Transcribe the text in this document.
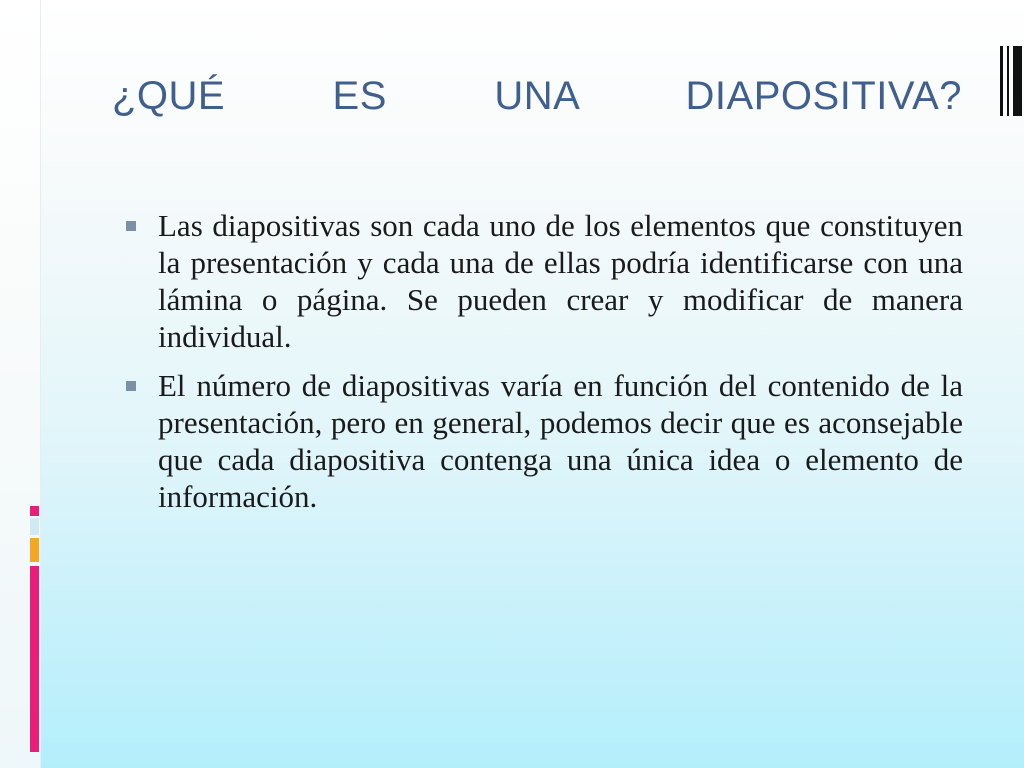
¿QUÉ ES UNA DIAPOSITIVA?
Las diapositivas son cada uno de los elementos que constituyen la presentación y cada una de ellas podría identificarse con una lámina o página. Se pueden crear y modificar de manera individual.
El número de diapositivas varía en función del contenido de la presentación, pero en general, podemos decir que es aconsejable que cada diapositiva contenga una única idea o elemento de información.
